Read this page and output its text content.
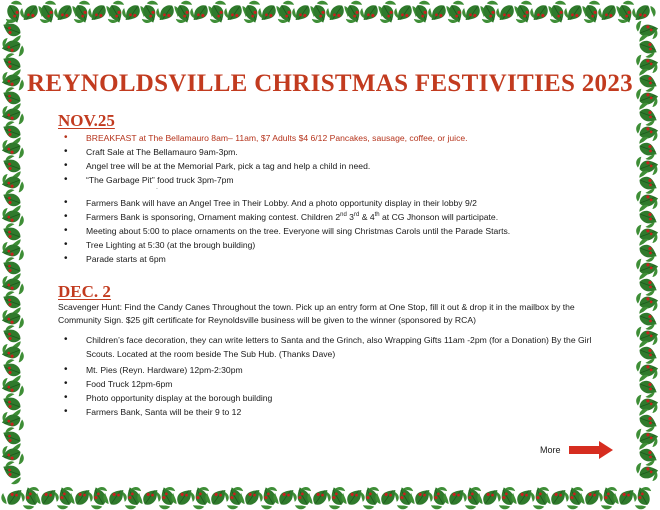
REYNOLDSVILLE CHRISTMAS FESTIVITIES 2023
NOV.25
• BREAKFAST at The Bellamauro 8am– 11am, $7 Adults $4 6/12 Pancakes, sausage, coffee, or juice.
• Craft Sale at The Bellamauro 9am-3pm.
• Angel tree will be at the Memorial Park, pick a tag and help a child in need.
• “The Garbage Pit” food truck 3pm-7pm
.
• Farmers Bank will have an Angel Tree in Their Lobby. And a photo opportunity display in their lobby 9/2
• Farmers Bank is sponsoring, Ornament making contest. Children 2nd 3rd & 4th at CG Jhonson will participate.
• Meeting about 5:00 to place ornaments on the tree. Everyone will sing Christmas Carols until the Parade Starts.
• Tree Lighting at 5:30 (at the brough building)
• Parade starts at 6pm
DEC. 2
Scavenger Hunt: Find the Candy Canes Throughout the town. Pick up an entry form at One Stop, fill it out & drop it in the mailbox by the Community Sign. $25 gift certificate for Reynoldsville business will be given to the winner (sponsored by RCA)
• Children’s face decoration, they can write letters to Santa and the Grinch, also Wrapping Gifts 11am -2pm (for a Donation) By the Girl Scouts. Located at the room beside The Sub Hub. (Thanks Dave)
• Mt. Pies (Reyn. Hardware) 12pm-2:30pm
• Food Truck 12pm-6pm
• Photo opportunity display at the borough building
• Farmers Bank, Santa will be their 9 to 12
More
